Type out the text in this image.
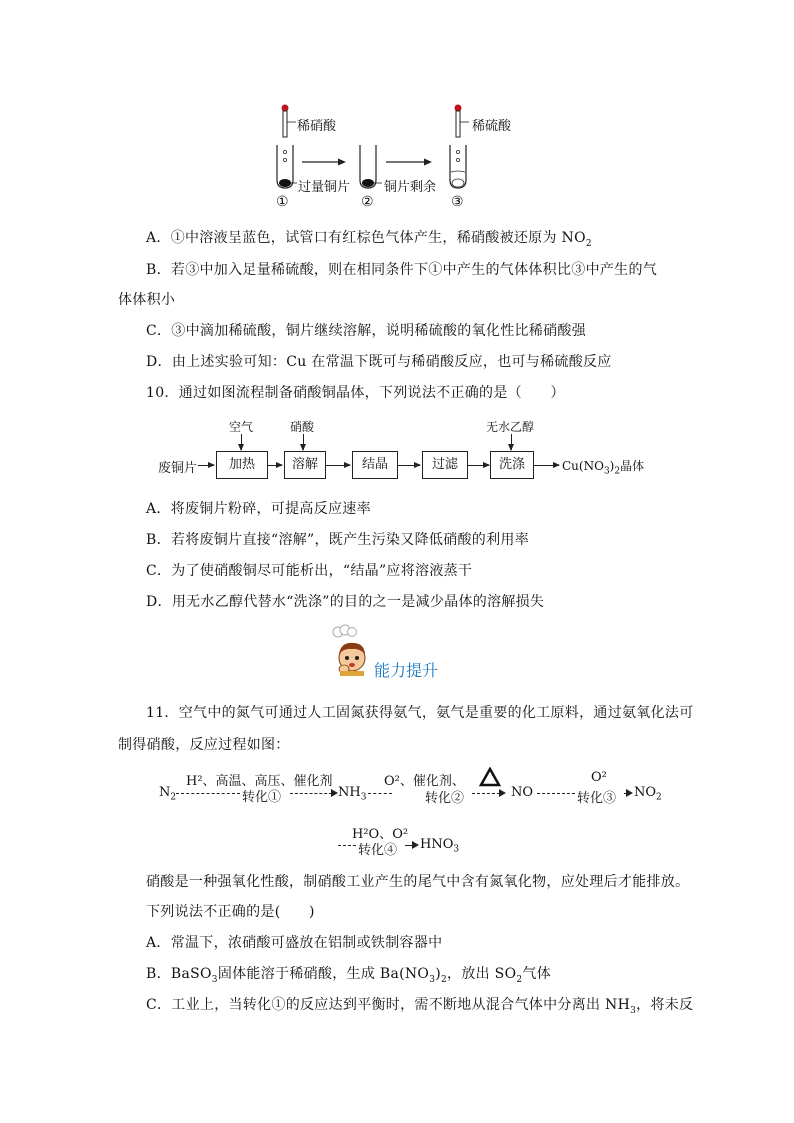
稀硝酸
过量铜片	铜片剩余
稀硫酸
①	②	③
A．①中溶液呈蓝色，试管口有红棕色气体产生，稀硝酸被还原为 $NO_2$
B．若③中加入足量稀硫酸，则在相同条件下①中产生的气体体积比③中产生的气
体体积小
C．③中滴加稀硫酸，铜片继续溶解，说明稀硫酸的氧化性比稀硝酸强
D．由上述实验可知：Cu 在常温下既可与稀硝酸反应，也可与稀硫酸反应
10．通过如图流程制备硝酸铜晶体，下列说法不正确的是（　　）
废铜片	加热	溶解	结晶	过滤	洗涤	$Cu(NO_3)_2$晶体
空气	硝酸	无水乙醇
A．将废铜片粉碎，可提高反应速率
B．若将废铜片直接“溶解”，既产生污染又降低硝酸的利用率
C．为了使硝酸铜尽可能析出，“结晶”应将溶液蒸干
D．用无水乙醇代替水“洗涤”的目的之一是减少晶体的溶解损失
能力提升
11．空气中的氮气可通过人工固氮获得氨气，氨气是重要的化工原料，通过氨氧化法可
制得硝酸，反应过程如图：
$N_2$
H²、高温、高压、催化剂
转化①	$NH_3$
O²、催化剂、
转化②	NO
O²
转化③ $NO_2$
H²O、O²
转化④ $HNO_3$
硝酸是一种强氧化性酸，制硝酸工业产生的尾气中含有氮氧化物，应处理后才能排放。
下列说法不正确的是(　　)
A．常温下，浓硝酸可盛放在铝制或铁制容器中
B．BaSO$_3$固体能溶于稀硝酸，生成 $Ba(NO_3)_2$，放出 $SO_2$气体
C．工业上，当转化①的反应达到平衡时，需不断地从混合气体中分离出 $NH_3$，将未反
